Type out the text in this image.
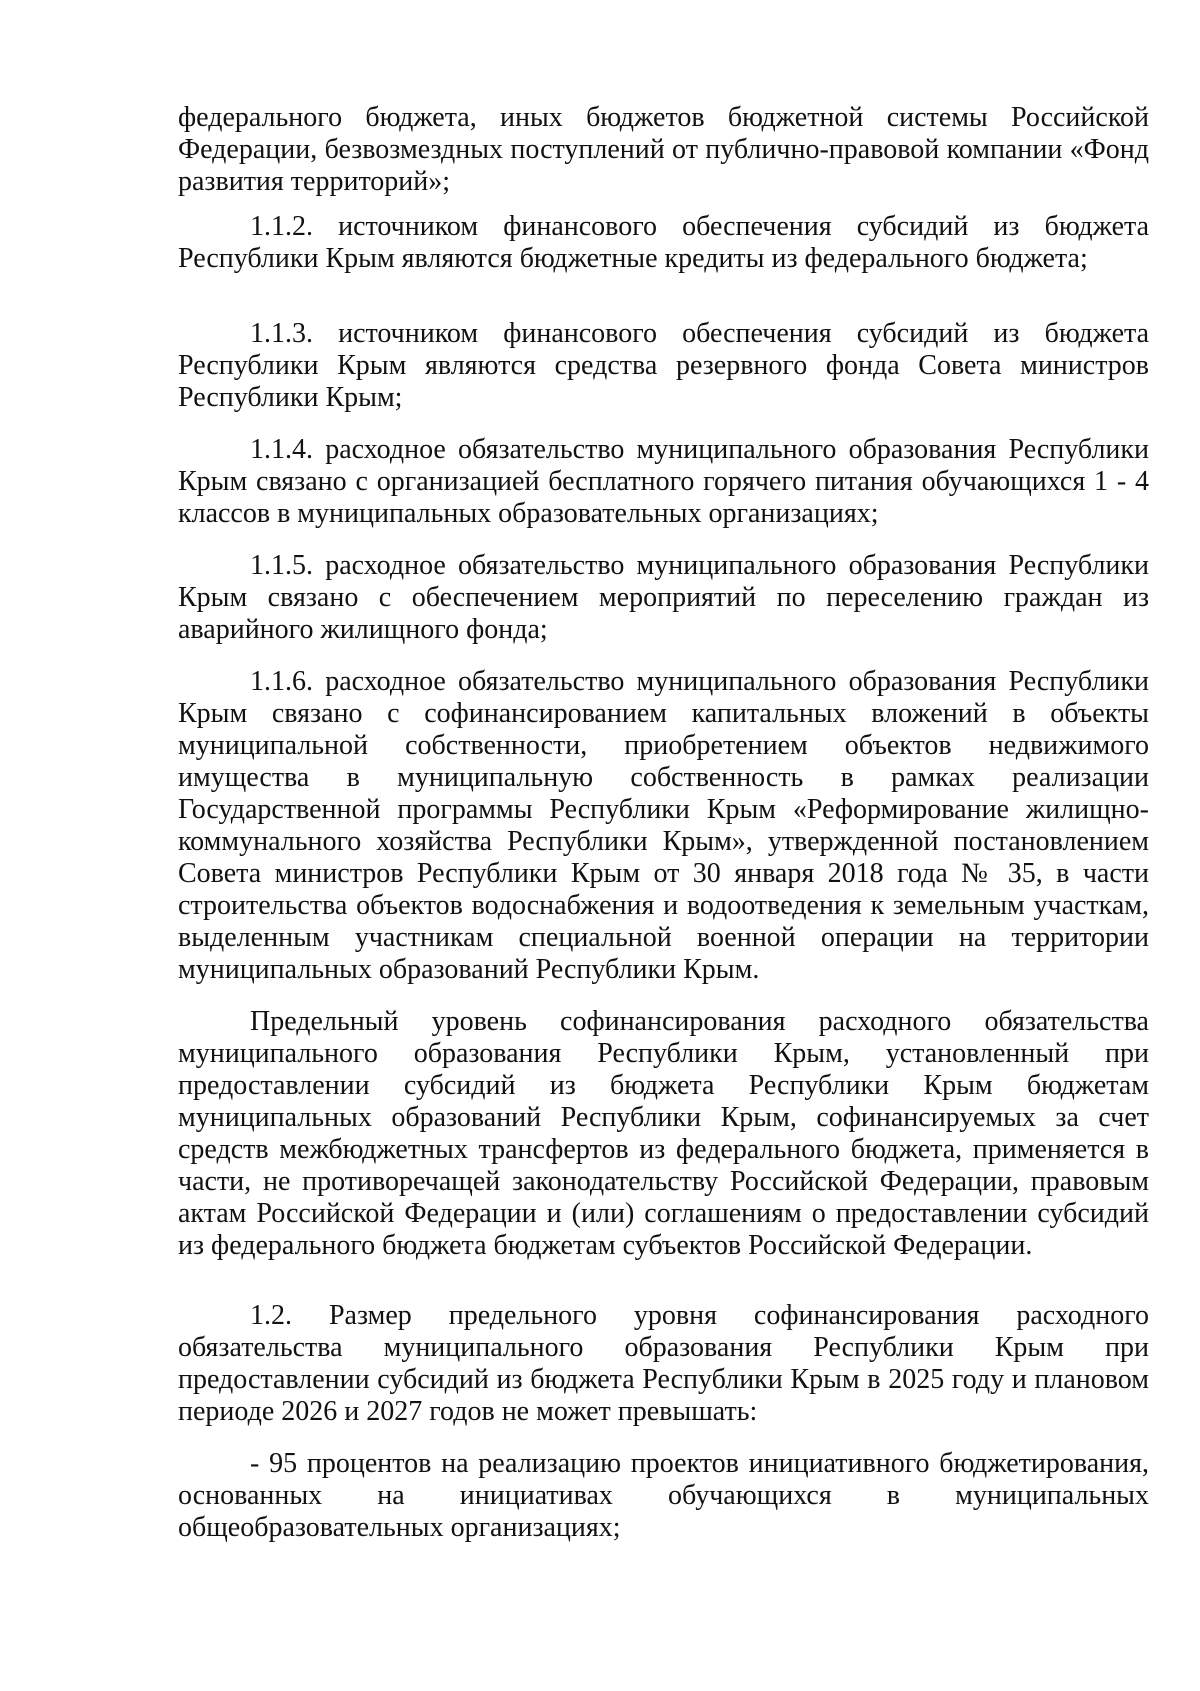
федерального бюджета, иных бюджетов бюджетной системы Российской Федерации, безвозмездных поступлений от публично-правовой компании «Фонд развития территорий»;

1.1.2. источником финансового обеспечения субсидий из бюджета Республики Крым являются бюджетные кредиты из федерального бюджета;

1.1.3. источником финансового обеспечения субсидий из бюджета Республики Крым являются средства резервного фонда Совета министров Республики Крым;

1.1.4. расходное обязательство муниципального образования Республики Крым связано с организацией бесплатного горячего питания обучающихся 1 - 4 классов в муниципальных образовательных организациях;

1.1.5. расходное обязательство муниципального образования Республики Крым связано с обеспечением мероприятий по переселению граждан из аварийного жилищного фонда;

1.1.6. расходное обязательство муниципального образования Республики Крым связано с софинансированием капитальных вложений в объекты муниципальной собственности, приобретением объектов недвижимого имущества в муниципальную собственность в рамках реализации Государственной программы Республики Крым «Реформирование жилищно-коммунального хозяйства Республики Крым», утвержденной постановлением Совета министров Республики Крым от 30 января 2018 года № 35, в части строительства объектов водоснабжения и водоотведения к земельным участкам, выделенным участникам специальной военной операции на территории муниципальных образований Республики Крым.

Предельный уровень софинансирования расходного обязательства муниципального образования Республики Крым, установленный при предоставлении субсидий из бюджета Республики Крым бюджетам муниципальных образований Республики Крым, софинансируемых за счет средств межбюджетных трансфертов из федерального бюджета, применяется в части, не противоречащей законодательству Российской Федерации, правовым актам Российской Федерации и (или) соглашениям о предоставлении субсидий из федерального бюджета бюджетам субъектов Российской Федерации.

1.2. Размер предельного уровня софинансирования расходного обязательства муниципального образования Республики Крым при предоставлении субсидий из бюджета Республики Крым в 2025 году и плановом периоде 2026 и 2027 годов не может превышать:

- 95 процентов на реализацию проектов инициативного бюджетирования, основанных на инициативах обучающихся в муниципальных общеобразовательных организациях;
